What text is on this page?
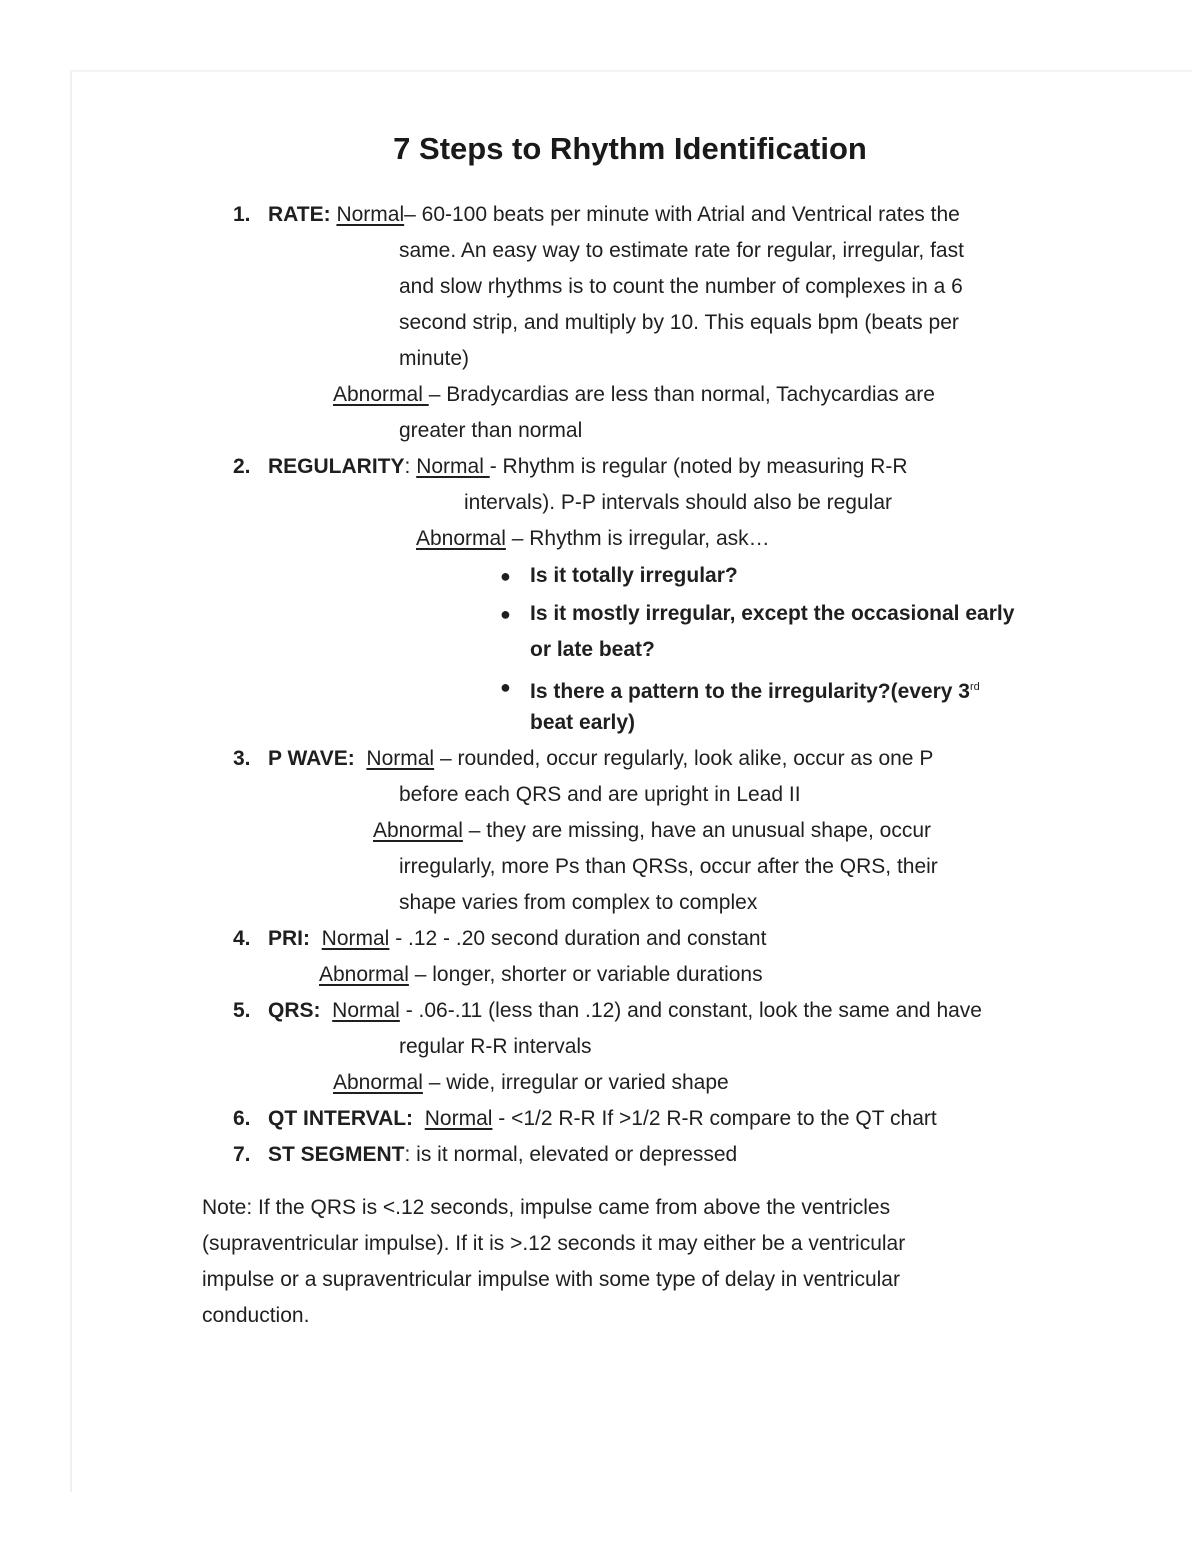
7 Steps to Rhythm Identification
1. RATE: Normal– 60-100 beats per minute with Atrial and Ventrical rates the
same. An easy way to estimate rate for regular, irregular, fast
and slow rhythms is to count the number of complexes in a 6
second strip, and multiply by 10. This equals bpm (beats per
minute)
Abnormal – Bradycardias are less than normal, Tachycardias are
greater than normal
2. REGULARITY: Normal - Rhythm is regular (noted by measuring R-R
intervals). P-P intervals should also be regular
Abnormal – Rhythm is irregular, ask…
● Is it totally irregular?
● Is it mostly irregular, except the occasional early
or late beat?
● Is there a pattern to the irregularity?(every 3rd
beat early)
3. P WAVE: Normal – rounded, occur regularly, look alike, occur as one P
before each QRS and are upright in Lead II
Abnormal – they are missing, have an unusual shape, occur
irregularly, more Ps than QRSs, occur after the QRS, their
shape varies from complex to complex
4. PRI: Normal - .12 - .20 second duration and constant
Abnormal – longer, shorter or variable durations
5. QRS: Normal - .06-.11 (less than .12) and constant, look the same and have
regular R-R intervals
Abnormal – wide, irregular or varied shape
6. QT INTERVAL: Normal - <1/2 R-R If >1/2 R-R compare to the QT chart
7. ST SEGMENT: is it normal, elevated or depressed
Note: If the QRS is <.12 seconds, impulse came from above the ventricles
(supraventricular impulse). If it is >.12 seconds it may either be a ventricular
impulse or a supraventricular impulse with some type of delay in ventricular
conduction.
